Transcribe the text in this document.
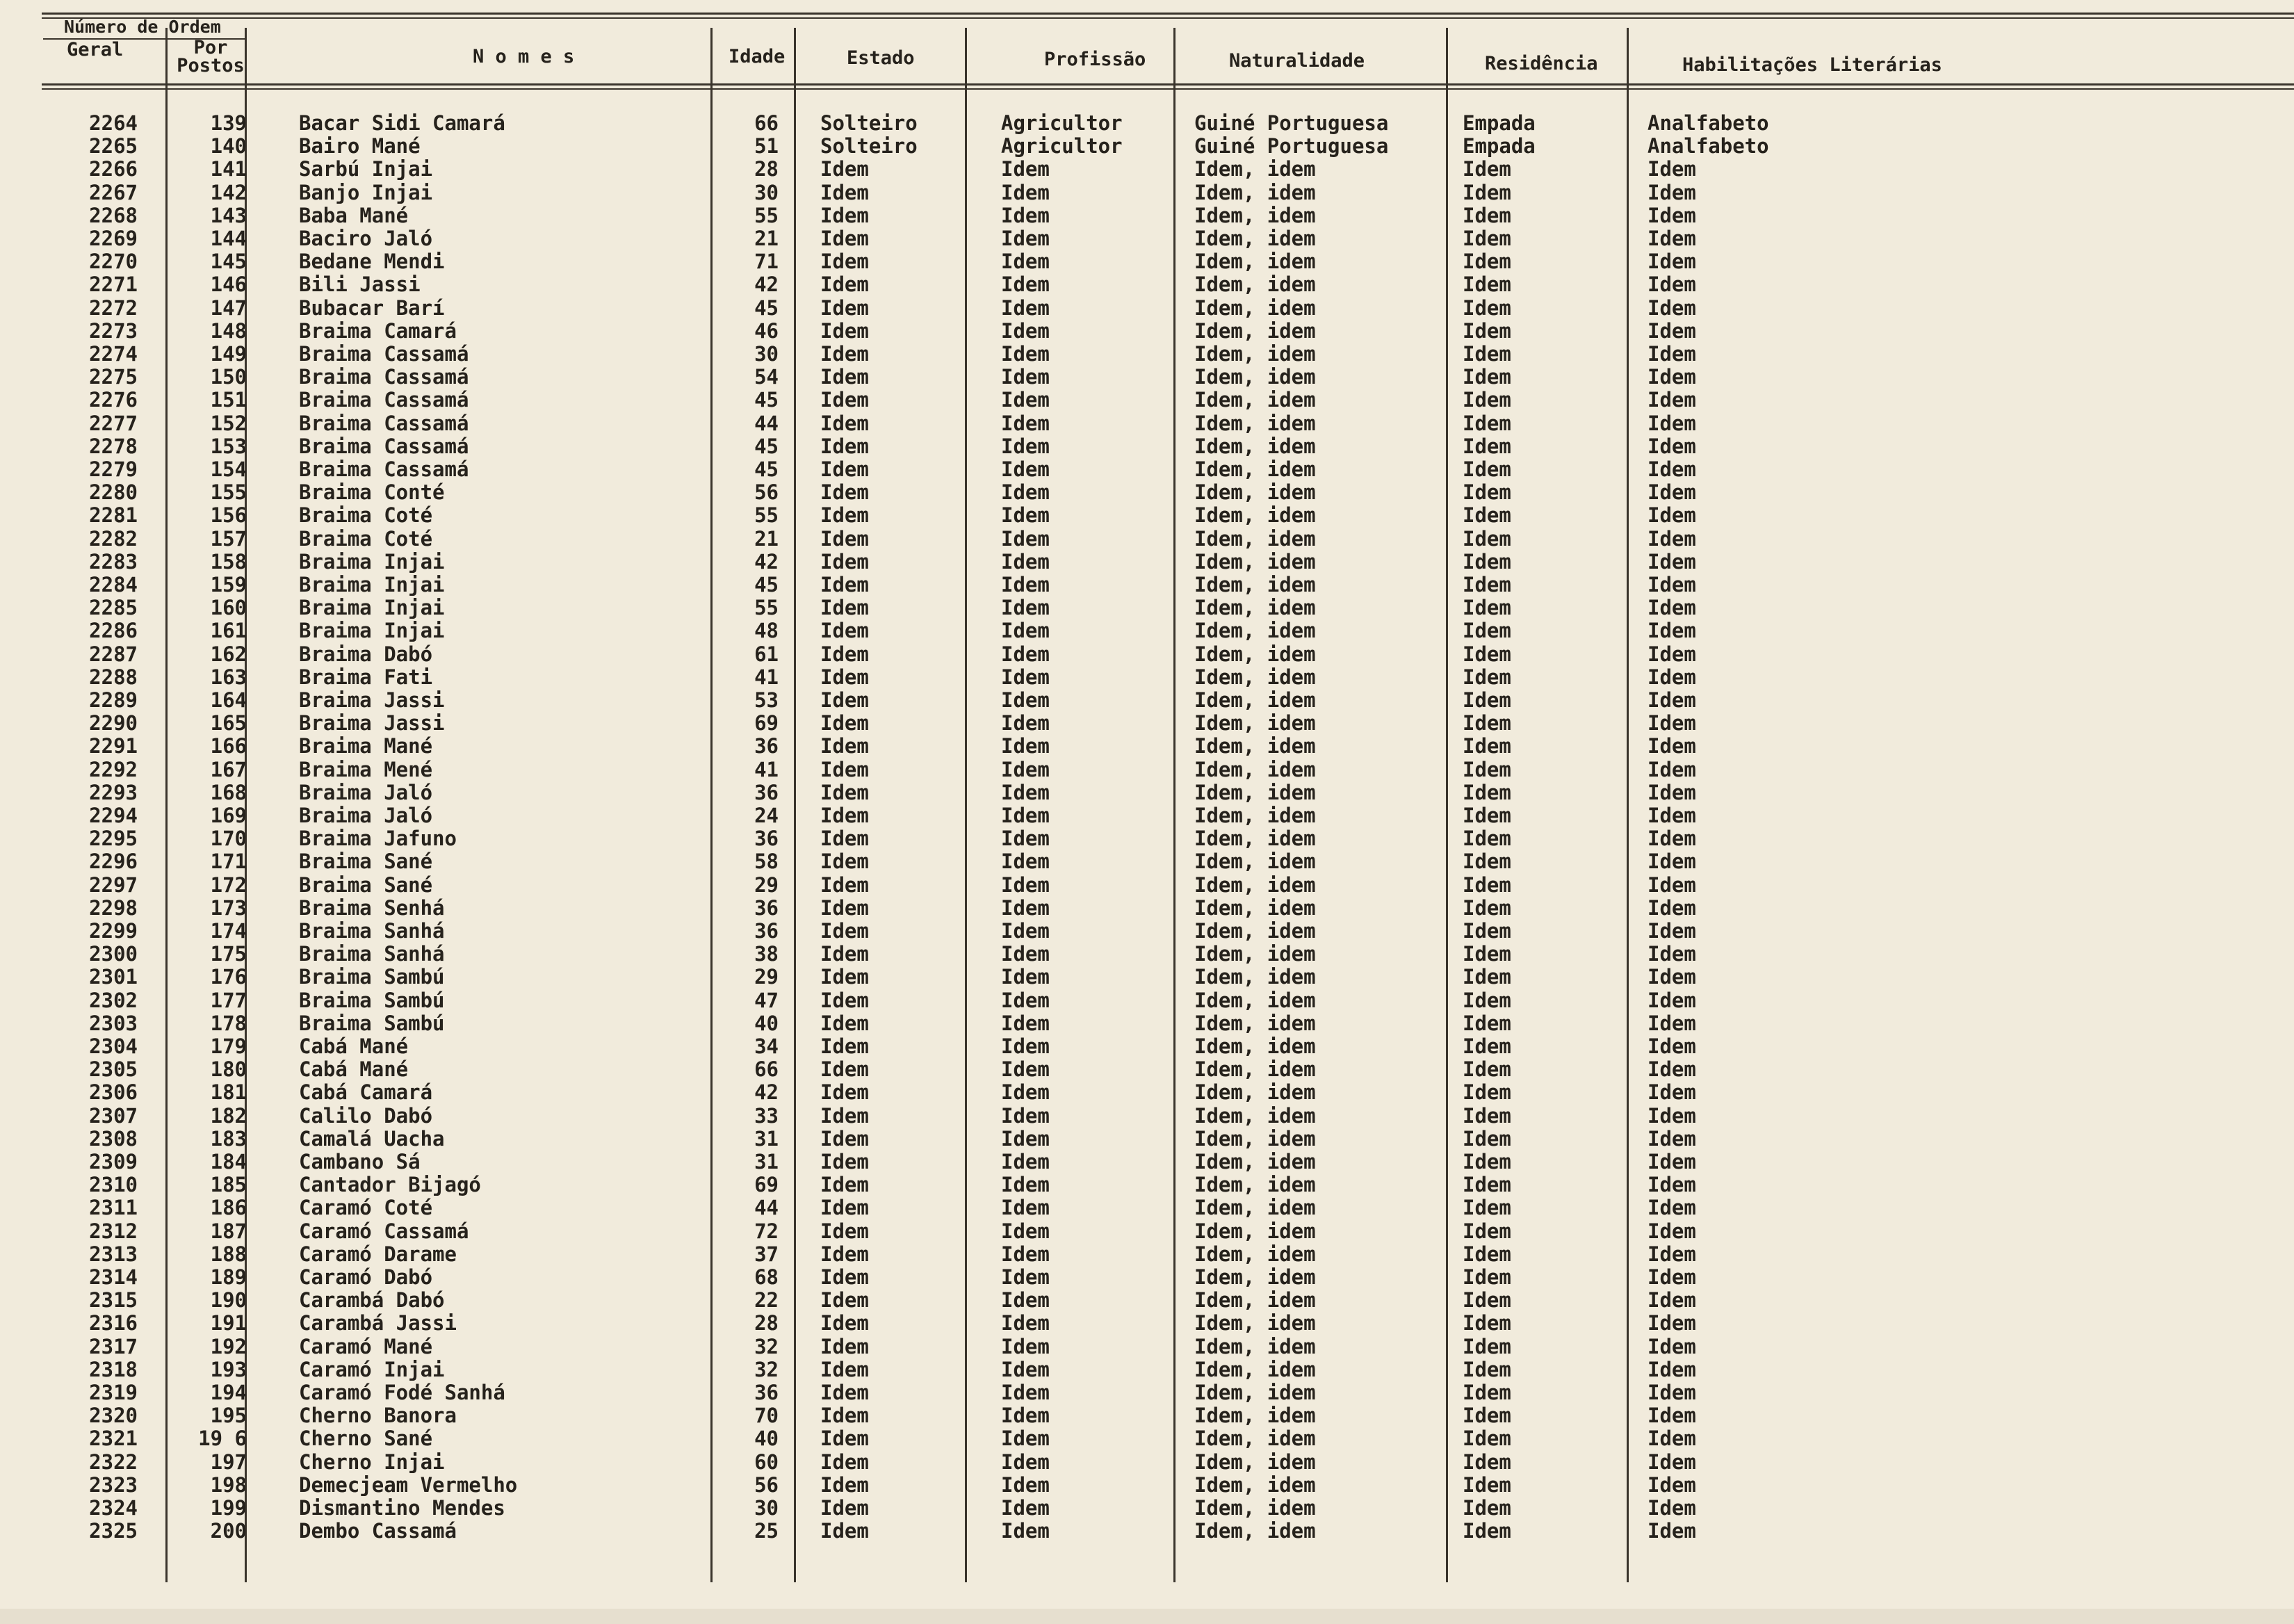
Número de Ordem
Geral	Por Postos	N o m e s	Idade	Estado	Profissão	Naturalidade	Residência	Habilitações Literárias
2264	139	Bacar Sidi Camará	66 Solteiro	Agricultor	Guiné Portuguesa	Empada	Analfabeto
2265	140	Bairo Mané	51 Solteiro	Agricultor	Guiné Portuguesa	Empada	Analfabeto
2266	141	Sarbú Injai	28 Idem	Idem	Idem, idem	Idem	Idem
2267	142	Banjo Injai	30 Idem	Idem	Idem, idem	Idem	Idem
2268	143	Baba Mané	55 Idem	Idem	Idem, idem	Idem	Idem
2269	144	Baciro Jaló	21 Idem	Idem	Idem, idem	Idem	Idem
2270	145	Bedane Mendi	71 Idem	Idem	Idem, idem	Idem	Idem
2271	146	Bili Jassi	42 Idem	Idem	Idem, idem	Idem	Idem
2272	147	Bubacar Barí	45 Idem	Idem	Idem, idem	Idem	Idem
2273	148	Braima Camará	46 Idem	Idem	Idem, idem	Idem	Idem
2274	149	Braima Cassamá	30 Idem	Idem	Idem, idem	Idem	Idem
2275	150	Braima Cassamá	54 Idem	Idem	Idem, idem	Idem	Idem
2276	151	Braima Cassamá	45 Idem	Idem	Idem, idem	Idem	Idem
2277	152	Braima Cassamá	44 Idem	Idem	Idem, idem	Idem	Idem
2278	153	Braima Cassamá	45 Idem	Idem	Idem, idem	Idem	Idem
2279	154	Braima Cassamá	45 Idem	Idem	Idem, idem	Idem	Idem
2280	155	Braima Conté	56 Idem	Idem	Idem, idem	Idem	Idem
2281	156	Braima Coté	55 Idem	Idem	Idem, idem	Idem	Idem
2282	157	Braima Coté	21 Idem	Idem	Idem, idem	Idem	Idem
2283	158	Braima Injai	42 Idem	Idem	Idem, idem	Idem	Idem
2284	159	Braima Injai	45 Idem	Idem	Idem, idem	Idem	Idem
2285	160	Braima Injai	55 Idem	Idem	Idem, idem	Idem	Idem
2286	161	Braima Injai	48 Idem	Idem	Idem, idem	Idem	Idem
2287	162	Braima Dabó	61 Idem	Idem	Idem, idem	Idem	Idem
2288	163	Braima Fati	41 Idem	Idem	Idem, idem	Idem	Idem
2289	164	Braima Jassi	53 Idem	Idem	Idem, idem	Idem	Idem
2290	165	Braima Jassi	69 Idem	Idem	Idem, idem	Idem	Idem
2291	166	Braima Mané	36 Idem	Idem	Idem, idem	Idem	Idem
2292	167	Braima Mené	41 Idem	Idem	Idem, idem	Idem	Idem
2293	168	Braima Jaló	36 Idem	Idem	Idem, idem	Idem	Idem
2294	169	Braima Jaló	24 Idem	Idem	Idem, idem	Idem	Idem
2295	170	Braima Jafuno	36 Idem	Idem	Idem, idem	Idem	Idem
2296	171	Braima Sané	58 Idem	Idem	Idem, idem	Idem	Idem
2297	172	Braima Sané	29 Idem	Idem	Idem, idem	Idem	Idem
2298	173	Braima Senhá	36 Idem	Idem	Idem, idem	Idem	Idem
2299	174	Braima Sanhá	36 Idem	Idem	Idem, idem	Idem	Idem
2300	175	Braima Sanhá	38 Idem	Idem	Idem, idem	Idem	Idem
2301	176	Braima Sambú	29 Idem	Idem	Idem, idem	Idem	Idem
2302	177	Braima Sambú	47 Idem	Idem	Idem, idem	Idem	Idem
2303	178	Braima Sambú	40 Idem	Idem	Idem, idem	Idem	Idem
2304	179	Cabá Mané	34 Idem	Idem	Idem, idem	Idem	Idem
2305	180	Cabá Mané	66 Idem	Idem	Idem, idem	Idem	Idem
2306	181	Cabá Camará	42 Idem	Idem	Idem, idem	Idem	Idem
2307	182	Calilo Dabó	33 Idem	Idem	Idem, idem	Idem	Idem
2308	183	Camalá Uacha	31 Idem	Idem	Idem, idem	Idem	Idem
2309	184	Cambano Sá	31 Idem	Idem	Idem, idem	Idem	Idem
2310	185	Cantador Bijagó	69 Idem	Idem	Idem, idem	Idem	Idem
2311	186	Caramó Coté	44 Idem	Idem	Idem, idem	Idem	Idem
2312	187	Caramó Cassamá	72 Idem	Idem	Idem, idem	Idem	Idem
2313	188	Caramó Darame	37 Idem	Idem	Idem, idem	Idem	Idem
2314	189	Caramó Dabó	68 Idem	Idem	Idem, idem	Idem	Idem
2315	190	Carambá Dabó	22 Idem	Idem	Idem, idem	Idem	Idem
2316	191	Carambá Jassi	28 Idem	Idem	Idem, idem	Idem	Idem
2317	192	Caramó Mané	32 Idem	Idem	Idem, idem	Idem	Idem
2318	193	Caramó Injai	32 Idem	Idem	Idem, idem	Idem	Idem
2319	194	Caramó Fodé Sanhá	36 Idem	Idem	Idem, idem	Idem	Idem
2320	195	Cherno Banora	70 Idem	Idem	Idem, idem	Idem	Idem
2321	19 6	Cherno Sané	40 Idem	Idem	Idem, idem	Idem	Idem
2322	197	Cherno Injai	60 Idem	Idem	Idem, idem	Idem	Idem
2323	198	Demecjeam Vermelho	56 Idem	Idem	Idem, idem	Idem	Idem
2324	199	Dismantino Mendes	30 Idem	Idem	Idem, idem	Idem	Idem
2325	200	Dembo Cassamá	25 Idem	Idem	Idem, idem	Idem	Idem
